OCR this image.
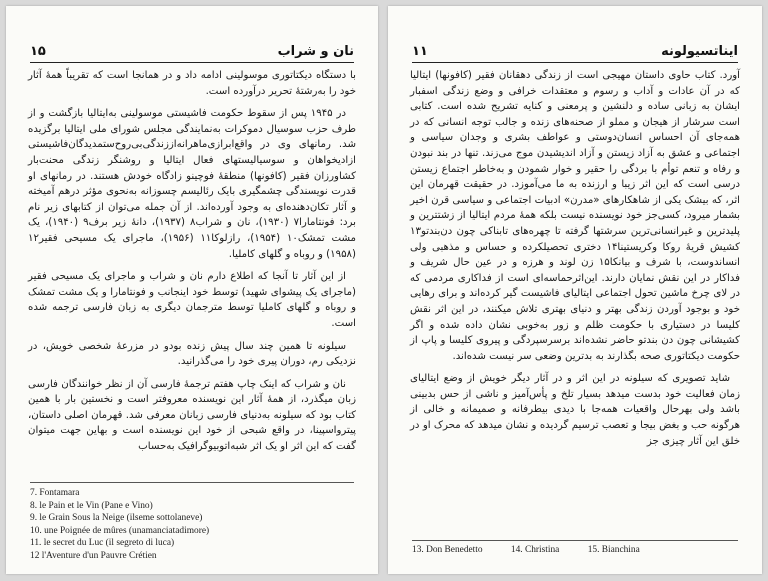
نان و شراب
۱۵

با دستگاه دیکتاتوری موسولینی ادامه داد و در همانجا است که تقریباً همهٔ آثار خود را به‌رشتهٔ تحریر درآورده است.

در ۱۹۴۵ پس از سقوط حکومت فاشیستی موسولینی به‌ایتالیا بازگشت و از طرف حزب سوسیال دموکرات به‌نمایندگی مجلس شورای ملی ایتالیا برگزیده شد. رمانهای وی در واقع‌ابرازی‌ماهرانه‌از‌زندگی‌بی‌روح‌ستمدیدگان‌فاشیستی ازادیخواهان و سوسیالیستهای فعال ایتالیا و روشنگر زندگی محنت‌بار کشاورزان فقیر (کافونها) منطقهٔ فوچینو زادگاه خودش هستند. در رمانهای او قدرت نویسندگی چشمگیری بایک رئالیسم چسوزانه به‌نحوی مؤثر درهم آمیخته و آثار تکان‌دهنده‌ای به وجود آورده‌اند. از آن جمله می‌توان از کتابهای زیر نام برد: فونتامارا۷ (۱۹۳۰)، نان و شراب۸ (۱۹۳۷)، دانهٔ زیر برف۹ (۱۹۴۰)، یک مشت تمشک۱۰ (۱۹۵۴)، رازلوکا۱۱ (۱۹۵۶)، ماجرای یک مسیحی فقیر۱۲ (۱۹۵۸) و روباه و گلهای کاملیا.

از این آثار تا آنجا که اطلاع دارم نان و شراب و ماجرای یک مسیحی فقیر (ماجرای یک پیشوای شهید) توسط خود اینجانب و فونتامارا و یک مشت تمشک و روباه و گلهای کاملیا توسط مترجمان دیگری به زبان فارسی ترجمه شده است.

سیلونه تا همین چند سال پیش زنده بودو در مزرعهٔ شخصی خویش، در نزدیکی رم، دوران پیری خود را می‌گذرانید.

نان و شراب که اینک چاپ هفتم ترجمهٔ فارسی آن از نظر خوانندگان فارسی زبان میگذرد، از همهٔ آثار این نویسنده معروفتر است و نخستین بار با همین کتاب بود که سیلونه به‌دنیای فارسی زبانان معرفی شد. قهرمان اصلی داستان، پیترواسپینا، در واقع شبحی از خود این نویسنده است و بهاین جهت میتوان گفت که این اثر او یک اثر شبه‌اتوبیوگرافیک به‌حساب

7. Fontamara
8. le Pain et le Vin (Pane e Vino)
9. le Grain Sous la Neige (ilseme sottolaneve)
10. une Poignée de mûres (unamanciatadimore)
11. le secret du Luc (il segreto di luca)
12 l'Aventure d'un Pauvre Crétien
ایناتسیولونه
۱۱

آورد. کتاب حاوی داستان مهیجی است از زندگی دهقانان فقیر (کافونها) ایتالیا که در آن عادات و آداب و رسوم و معتقدات خرافی و وضع زندگی اسفبار ایشان به زبانی ساده و دلنشین و پرمعنی و کنایه تشریح شده است. کتابی است سرشار از هیجان و مملو از صحنه‌های زنده و جالب توجه انسانی که در همه‌جای آن احساس انسان‌دوستی و عواطف بشری و وجدان سیاسی و اجتماعی و عشق به آزاد زیستن و آزاد اندیشیدن موج می‌زند. تنها در بند نبودن و رفاه و تنعم توأم با بردگی را حقیر و خوار شمودن و به‌خاطر اجتماع زیستن درسی است که این اثر زیبا و ارزنده به ما می‌آموزد. در حقیقت قهرمان این اثر، که بیشک یکی از شاهکارهای «مدرن» ادبیات اجتماعی و سیاسی قرن اخیر بشمار میرود، کسی‌جز خود نویسنده نیست بلکه همهٔ مردم ایتالیا از زشتترین و پلیدترین و غیرانسانی‌ترین سرشتها گرفته تا چهره‌های تابناکی چون دن‌بندتو۱۳ کشیش قریهٔ روکا وکریستینا۱۴ دختری تحصیلکرده و حساس و مذهبی ولی انساندوست، با شرف و بیانکا۱۵ زن لوند و هرزه و در عین حال شریف و فداکار در این نقش نمایان دارند. این‌اثر‌حماسه‌ای است از فداکاری مردمی که در لای چرخ ماشین تحول اجتماعی ایتالیای فاشیست گیر کرده‌اند و برای رهایی خود و بوجود آوردن زندگی بهتر و دنیای بهتری تلاش میکنند، در این اثر نقش کلیسا در دستیاری با حکومت ظلم و زور به‌خوبی نشان داده شده و اگر کشیشانی چون دن بندتو حاضر نشده‌اند برسرسپردگی و پیروی کلیسا و پاپ از حکومت دیکتاتوری صحه بگذارند به بدترین وضعی سر نیست شده‌اند.

شاید تصویری که سیلونه در این اثر و در آثار دیگر خویش از وضع ایتالیای زمان فعالیت خود بدست میدهد بسیار تلخ و پأس‌آمیز و ناشی از حس بدبینی باشد ولی بهرحال واقعیات همه‌جا با دیدی بیطرفانه و صمیمانه و خالی از هرگونه حب و بغض بیجا و تعصب ترسیم گردیده و نشان میدهد که محرک او در خلق این آثار چیزی جز

13. Don Benedetto	14. Christina	15. Bianchina
